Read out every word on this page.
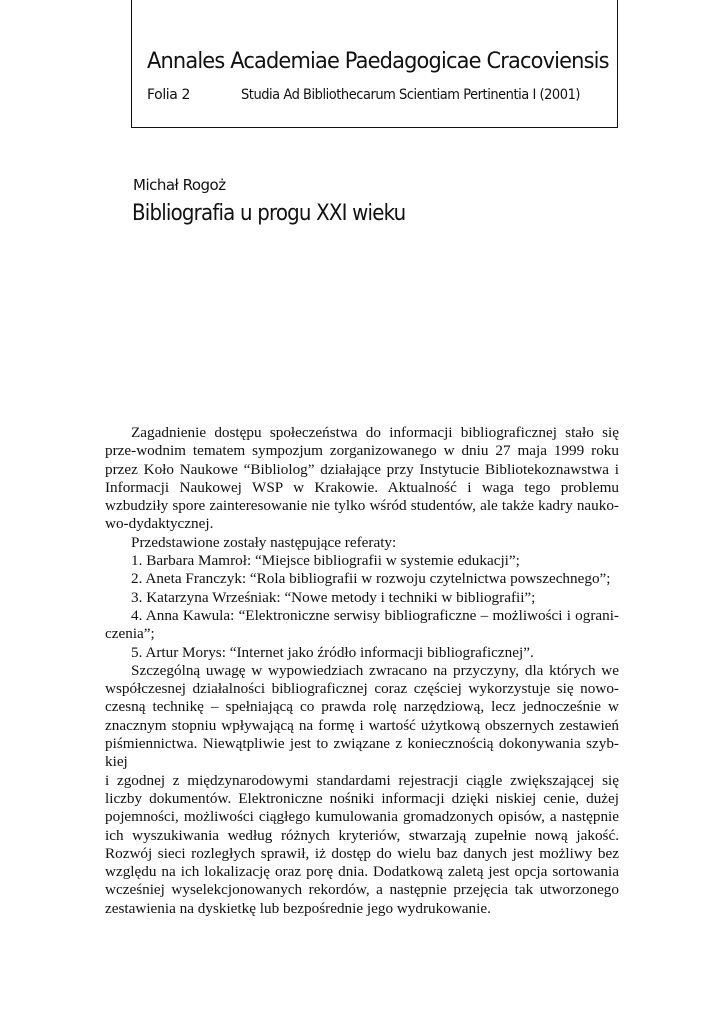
Annales Academiae Paedagogicae Cracoviensis
Folia 2	Studia Ad Bibliothecarum Scientiam Pertinentia I (2001)
Michał Rogoż
Bibliografia u progu XXI wieku

Zagadnienie dostępu społeczeństwa do informacji bibliograficznej stało się prze-wodnim tematem sympozjum zorganizowanego w dniu 27 maja 1999 roku przez Koło Naukowe “Bibliolog” działające przy Instytucie Bibliotekoznawstwa i Informacji Naukowej WSP w Krakowie. Aktualność i waga tego problemu wzbudziły spore zainteresowanie nie tylko wśród studentów, ale także kadry nauko-wo-dydaktycznej.

Przedstawione zostały następujące referaty:

1. Barbara Mamroł: “Miejsce bibliografii w systemie edukacji”;

2. Aneta Franczyk: “Rola bibliografii w rozwoju czytelnictwa powszechnego”;

3. Katarzyna Wrześniak: “Nowe metody i techniki w bibliografii”;

4. Anna Kawula: “Elektroniczne serwisy bibliograficzne – możliwości i ograni-czenia”;

5. Artur Morys: “Internet jako źródło informacji bibliograficznej”.

Szczególną uwagę w wypowiedziach zwracano na przyczyny, dla których we współczesnej działalności bibliograficznej coraz częściej wykorzystuje się nowo-czesną technikę – spełniającą co prawda rolę narzędziową, lecz jednocześnie w znacznym stopniu wpływającą na formę i wartość użytkową obszernych zestawień piśmiennictwa. Niewątpliwie jest to związane z koniecznością dokonywania szyb-kiej

i zgodnej z międzynarodowymi standardami rejestracji ciągle zwiększającej się liczby dokumentów. Elektroniczne nośniki informacji dzięki niskiej cenie, dużej pojemności, możliwości ciągłego kumulowania gromadzonych opisów, a następnie ich wyszukiwania według różnych kryteriów, stwarzają zupełnie nową jakość. Rozwój sieci rozległych sprawił, iż dostęp do wielu baz danych jest możliwy bez względu na ich lokalizację oraz porę dnia. Dodatkową zaletą jest opcja sortowania wcześniej wyselekcjonowanych rekordów, a następnie przejęcia tak utworzonego zestawienia na dyskietkę lub bezpośrednie jego wydrukowanie.
